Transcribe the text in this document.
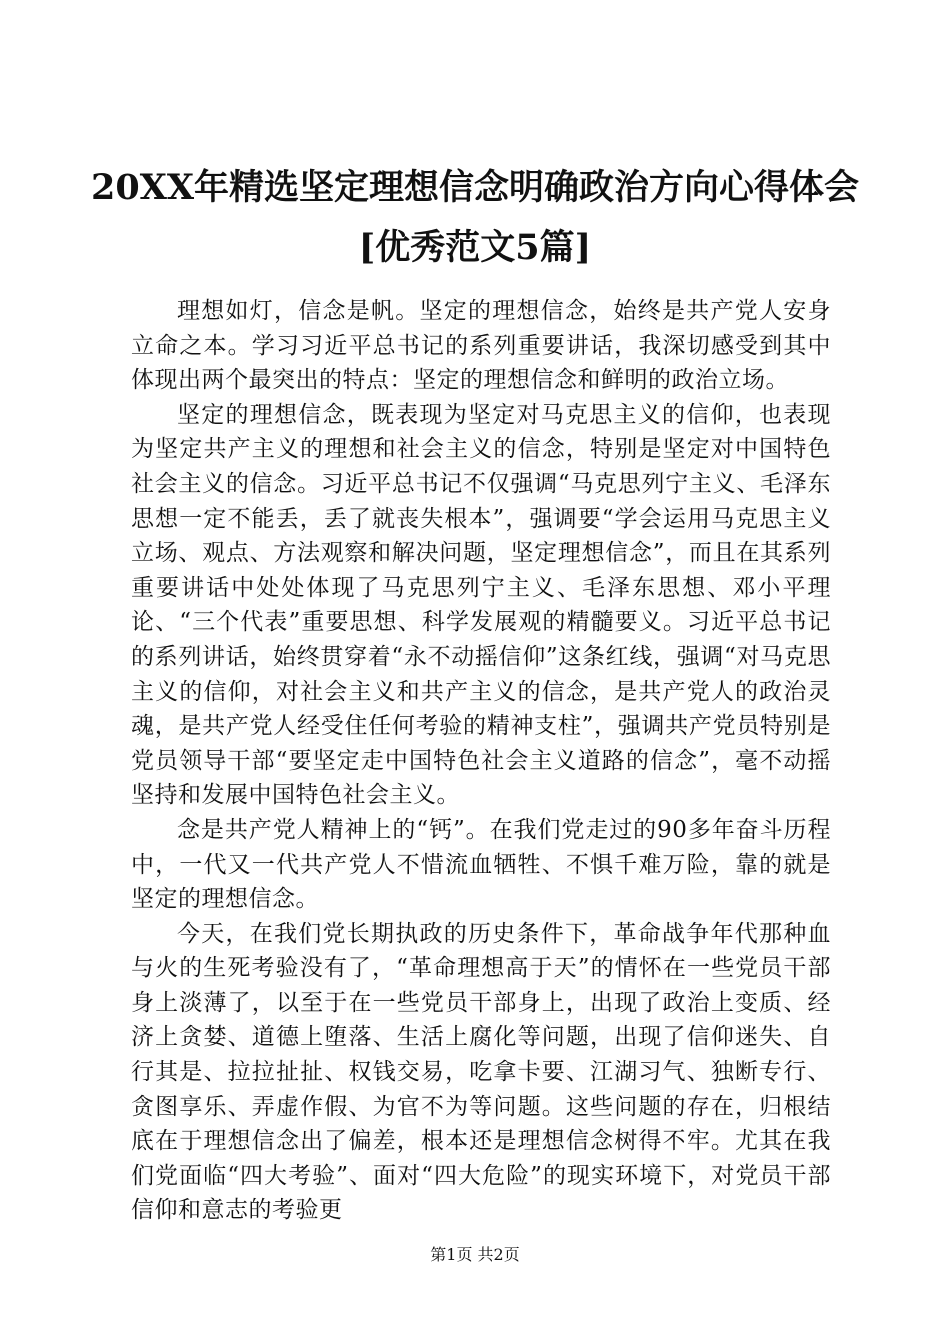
20XX年精选坚定理想信念明确政治方向心得体会[优秀范文5篇]

理想如灯，信念是帆。坚定的理想信念，始终是共产党人安身立命之本。学习习近平总书记的系列重要讲话，我深切感受到其中体现出两个最突出的特点：坚定的理想信念和鲜明的政治立场。

坚定的理想信念，既表现为坚定对马克思主义的信仰，也表现为坚定共产主义的理想和社会主义的信念，特别是坚定对中国特色社会主义的信念。习近平总书记不仅强调“马克思列宁主义、毛泽东思想一定不能丢，丢了就丧失根本”，强调要“学会运用马克思主义立场、观点、方法观察和解决问题，坚定理想信念”，而且在其系列重要讲话中处处体现了马克思列宁主义、毛泽东思想、邓小平理论、“三个代表”重要思想、科学发展观的精髓要义。习近平总书记的系列讲话，始终贯穿着“永不动摇信仰”这条红线，强调“对马克思主义的信仰，对社会主义和共产主义的信念，是共产党人的政治灵魂，是共产党人经受住任何考验的精神支柱”，强调共产党员特别是党员领导干部“要坚定走中国特色社会主义道路的信念”，毫不动摇坚持和发展中国特色社会主义。

念是共产党人精神上的“钙”。在我们党走过的90多年奋斗历程中，一代又一代共产党人不惜流血牺牲、不惧千难万险，靠的就是坚定的理想信念。

今天，在我们党长期执政的历史条件下，革命战争年代那种血与火的生死考验没有了，“革命理想高于天”的情怀在一些党员干部身上淡薄了，以至于在一些党员干部身上，出现了政治上变质、经济上贪婪、道德上堕落、生活上腐化等问题，出现了信仰迷失、自行其是、拉拉扯扯、权钱交易，吃拿卡要、江湖习气、独断专行、贪图享乐、弄虚作假、为官不为等问题。这些问题的存在，归根结底在于理想信念出了偏差，根本还是理想信念树得不牢。尤其在我们党面临“四大考验”、面对“四大危险”的现实环境下，对党员干部信仰和意志的考验更

第1页 共2页
